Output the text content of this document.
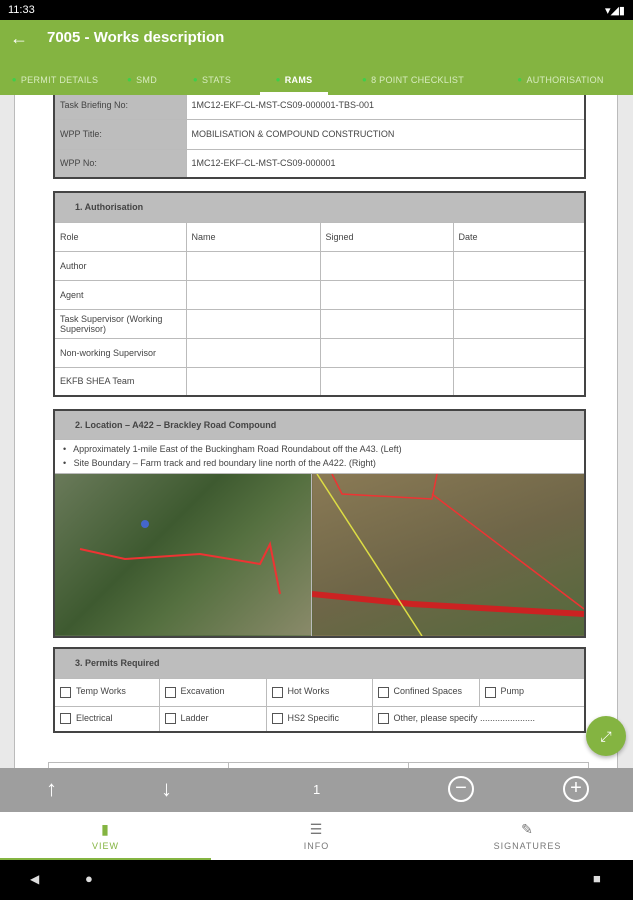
11:33	▾◢▮
← 7005 - Works description
● PERMIT DETAILS	● SMD	● STATS	● RAMS	● 8 POINT CHECKLIST	● AUTHORISATION
Task Briefing No:	1MC12-EKF-CL-MST-CS09-000001-TBS-001
WPP Title:	MOBILISATION & COMPOUND CONSTRUCTION
WPP No:	1MC12-EKF-CL-MST-CS09-000001
1. Authorisation			
Role	Name	Signed	Date
Author			
Agent			
Task Supervisor (Working Supervisor)			
Non-working Supervisor			
EKFB SHEA Team			
2. Location – A422 – Brackley Road Compound

•   Approximately 1-mile East of the Buckingham Road Roundabout off the A43. (Left)
•   Site Boundary – Farm track and red boundary line north of the A422. (Right)

3. Permits Required				
Temp Works	Excavation	Hot Works	Confined Spaces	Pump
Electrical	Ladder	HS2 Specific	Other, please specify ......................	
⤢
↑	↓	1	−	+
▮
VIEW
☰
INFO
✎
SIGNATURES
◀	●	■
